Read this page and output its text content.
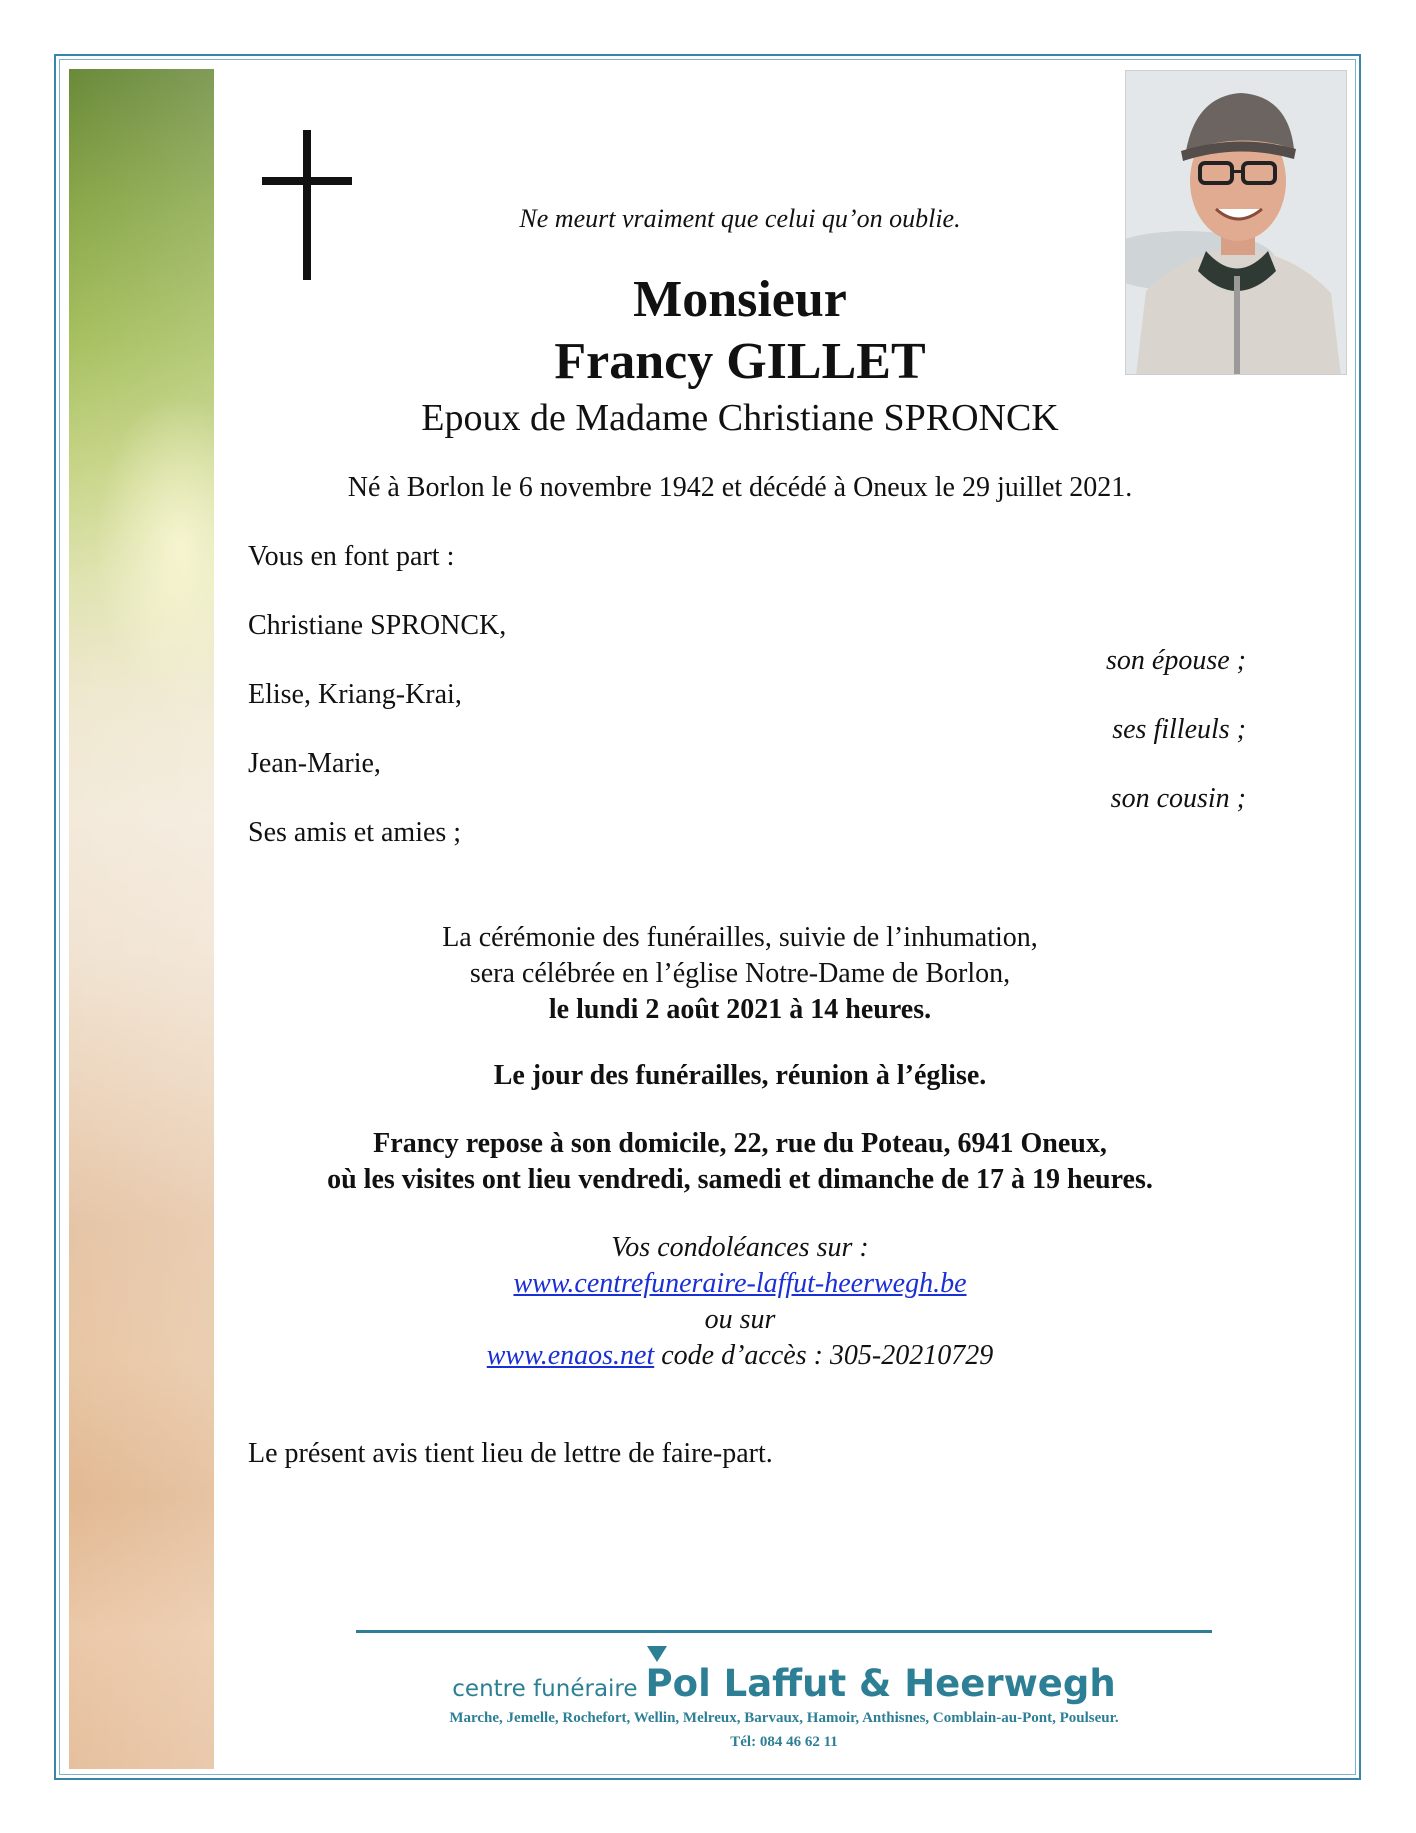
Ne meurt vraiment que celui qu’on oublie.
Monsieur
Francy GILLET
Epoux de Madame Christiane SPRONCK
Né à Borlon le 6 novembre 1942 et décédé à Oneux le 29 juillet 2021.
Vous en font part :
Christiane SPRONCK,
son épouse ;
Elise, Kriang-Krai,
ses filleuls ;
Jean-Marie,
son cousin ;
Ses amis et amies ;
La cérémonie des funérailles, suivie de l’inhumation,
sera célébrée en l’église Notre-Dame de Borlon,
le lundi 2 août 2021 à 14 heures.
Le jour des funérailles, réunion à l’église.
Francy repose à son domicile, 22, rue du Poteau, 6941 Oneux,
où les visites ont lieu vendredi, samedi et dimanche de 17 à 19 heures.
Vos condoléances sur :
www.centrefuneraire-laffut-heerwegh.be
ou sur
www.enaos.net code d’accès : 305-20210729
Le présent avis tient lieu de lettre de faire-part.
centre funéraire Pol Laffut & Heerwegh
Marche, Jemelle, Rochefort, Wellin, Melreux, Barvaux, Hamoir, Anthisnes, Comblain-au-Pont, Poulseur.
Tél: 084 46 62 11
